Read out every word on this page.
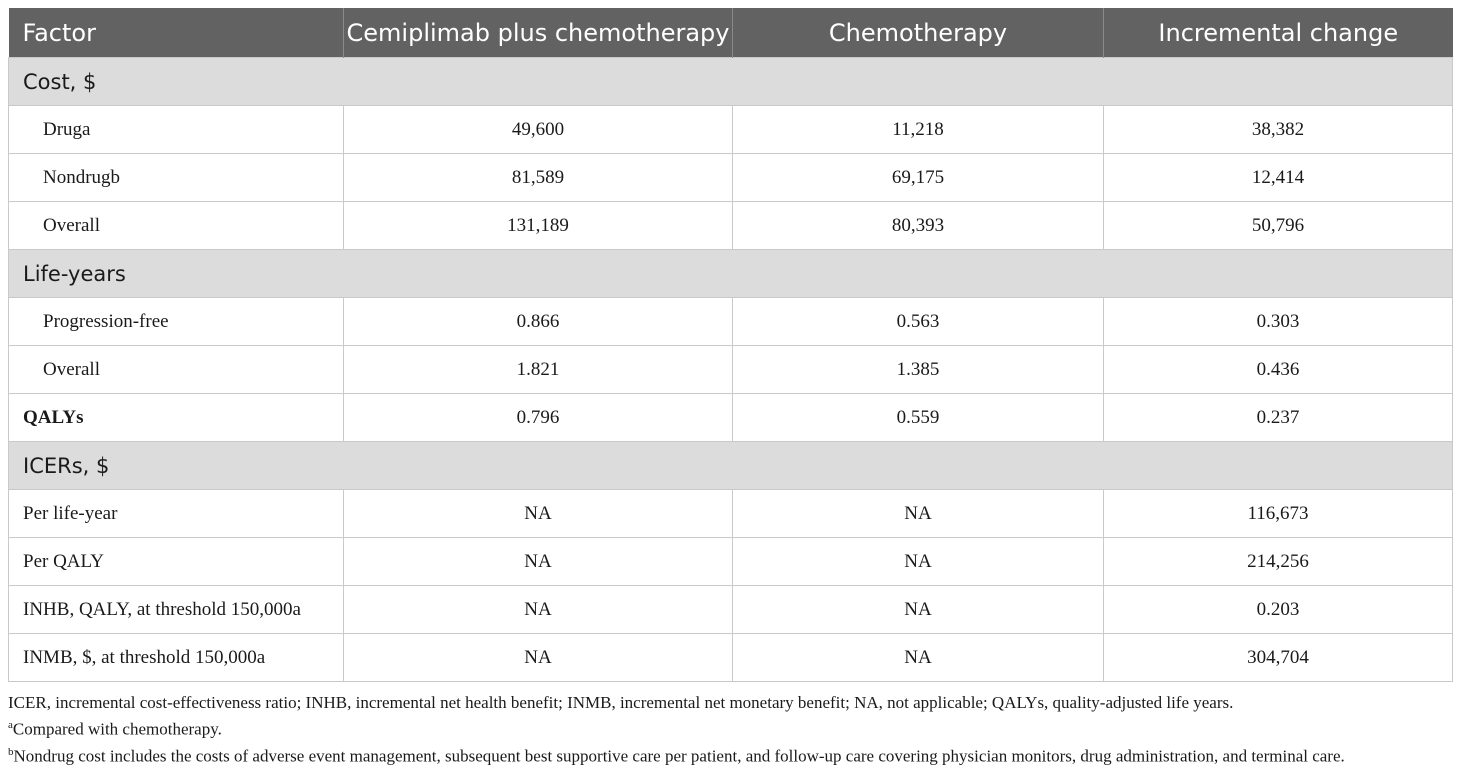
Factor	Cemiplimab plus chemotherapy	Chemotherapy	Incremental change
Cost, $			
Druga	49,600	11,218	38,382
Nondrugb	81,589	69,175	12,414
Overall	131,189	80,393	50,796
Life-years			
Progression-free	0.866	0.563	0.303
Overall	1.821	1.385	0.436
QALYs	0.796	0.559	0.237
ICERs, $			
Per life-year	NA	NA	116,673
Per QALY	NA	NA	214,256
INHB, QALY, at threshold 150,000a	NA	NA	0.203
INMB, $, at threshold 150,000a	NA	NA	304,704
ICER, incremental cost-effectiveness ratio; INHB, incremental net health benefit; INMB, incremental net monetary benefit; NA, not applicable; QALYs, quality-adjusted life years.
$^a$Compared with chemotherapy.
$^b$Nondrug cost includes the costs of adverse event management, subsequent best supportive care per patient, and follow-up care covering physician monitors, drug administration, and terminal care.
